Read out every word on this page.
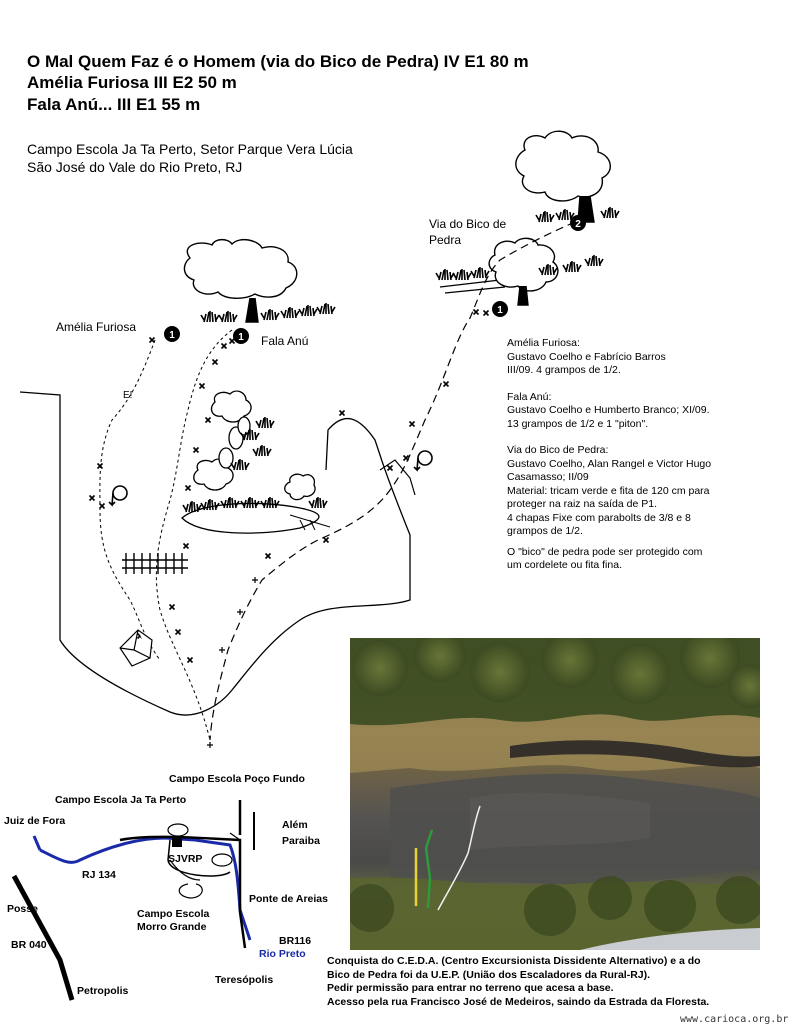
O Mal Quem Faz é o Homem (via do Bico de Pedra) IV E1 80 m
Amélia Furiosa III E2 50 m
Fala Anú... III E1 55 m
Campo Escola Ja Ta Perto, Setor Parque Vera Lúcia
São José do Vale do Rio Preto, RJ
1	1
1
2
Amélia Furiosa
Fala Anú
Via do Bico de
Pedra
E!

Amélia Furiosa:
Gustavo Coelho e Fabrício Barros
III/09. 4 grampos de 1/2.

Fala Anú:
Gustavo Coelho e Humberto Branco; XI/09.
13 grampos de 1/2 e 1 "piton".

Via do Bico de Pedra:
Gustavo Coelho, Alan Rangel e Victor Hugo
Casamasso; II/09
Material: tricam verde e fita de 120 cm para
proteger na raiz na saída de P1.
4 chapas Fixe com parabolts de 3/8 e 8
grampos de 1/2.

O "bico" de pedra pode ser protegido com
um cordelete ou fita fina.

Campo Escola Poço Fundo
Campo Escola Ja Ta Perto
Juiz de Fora	Além
Paraiba
SJVRP
RJ 134
Ponte de Areias
Posse	Campo Escola
Morro Grande
BR 040	BR116
Rio Preto
Petropolis
Teresópolis
Conquista do C.E.D.A. (Centro Excursionista Dissidente Alternativo) e a do
Bico de Pedra foi da U.E.P. (União dos Escaladores da Rural-RJ).
Pedir permissão para entrar no terreno que acesa a base.
Acesso pela rua Francisco José de Medeiros, saindo da Estrada da Floresta.
www.carioca.org.br
